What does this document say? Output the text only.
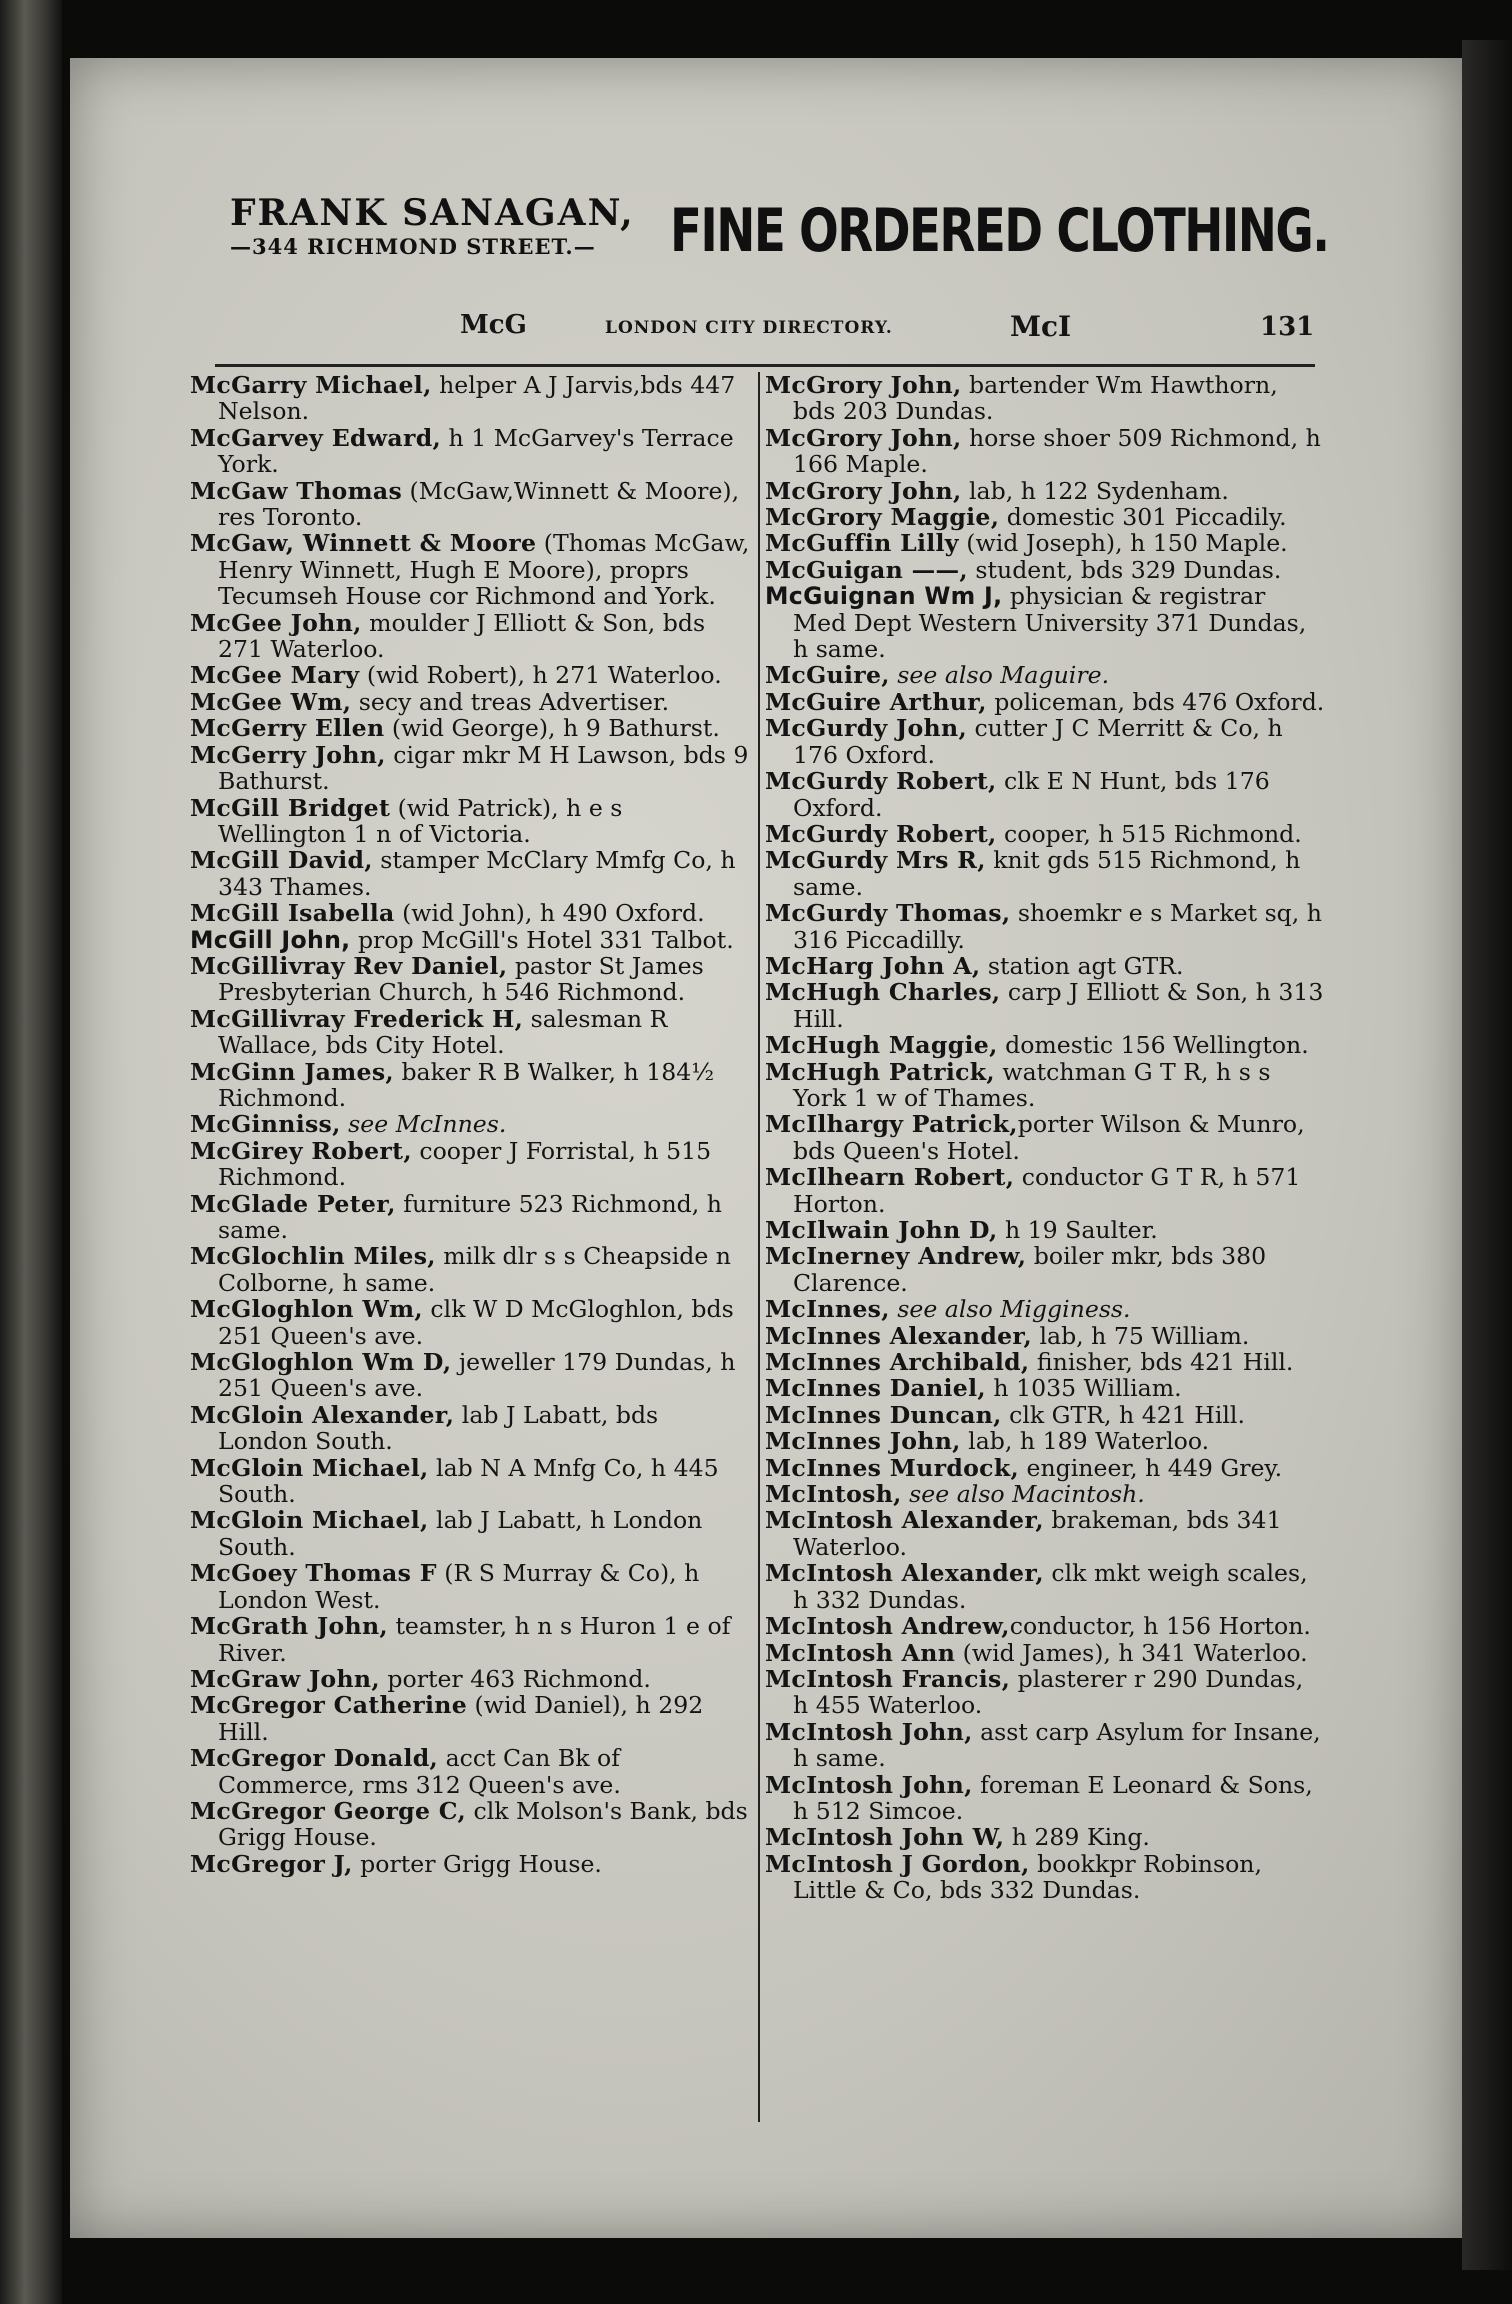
FRANK SANAGAN,
—344 RICHMOND STREET.—	FINE ORDERED CLOTHING.
McG	LONDON CITY DIRECTORY.	McI	131

McGarry Michael, helper A J Jarvis,bds 447 Nelson.

McGarvey Edward, h 1 McGarvey's Terrace York.

McGaw Thomas (McGaw,Winnett & Moore), res Toronto.

McGaw, Winnett & Moore (Thomas McGaw, Henry Winnett, Hugh E Moore), proprs Tecumseh House cor Richmond and York.

McGee John, moulder J Elliott & Son, bds 271 Waterloo.

McGee Mary (wid Robert), h 271 Waterloo.

McGee Wm, secy and treas Advertiser.

McGerry Ellen (wid George), h 9 Bathurst.

McGerry John, cigar mkr M H Lawson, bds 9 Bathurst.

McGill Bridget (wid Patrick), h e s Wellington 1 n of Victoria.

McGill David, stamper McClary Mmfg Co, h 343 Thames.

McGill Isabella (wid John), h 490 Oxford.

McGill John, prop McGill's Hotel 331 Talbot.

McGillivray Rev Daniel, pastor St James Presbyterian Church, h 546 Richmond.

McGillivray Frederick H, salesman R Wallace, bds City Hotel.

McGinn James, baker R B Walker, h 184½ Richmond.

McGinniss, see McInnes.

McGirey Robert, cooper J Forristal, h 515 Richmond.

McGlade Peter, furniture 523 Richmond, h same.

McGlochlin Miles, milk dlr s s Cheapside n Colborne, h same.

McGloghlon Wm, clk W D McGloghlon, bds 251 Queen's ave.

McGloghlon Wm D, jeweller 179 Dundas, h 251 Queen's ave.

McGloin Alexander, lab J Labatt, bds London South.

McGloin Michael, lab N A Mnfg Co, h 445 South.

McGloin Michael, lab J Labatt, h London South.

McGoey Thomas F (R S Murray & Co), h London West.

McGrath John, teamster, h n s Huron 1 e of River.

McGraw John, porter 463 Richmond.

McGregor Catherine (wid Daniel), h 292 Hill.

McGregor Donald, acct Can Bk of Commerce, rms 312 Queen's ave.

McGregor George C, clk Molson's Bank, bds Grigg House.

McGregor J, porter Grigg House.

McGrory John, bartender Wm Hawthorn, bds 203 Dundas.

McGrory John, horse shoer 509 Richmond, h 166 Maple.

McGrory John, lab, h 122 Sydenham.

McGrory Maggie, domestic 301 Piccadily.

McGuffin Lilly (wid Joseph), h 150 Maple.

McGuigan ——, student, bds 329 Dundas.

McGuignan Wm J, physician & registrar Med Dept Western University 371 Dundas, h same.

McGuire, see also Maguire.

McGuire Arthur, policeman, bds 476 Oxford.

McGurdy John, cutter J C Merritt & Co, h 176 Oxford.

McGurdy Robert, clk E N Hunt, bds 176 Oxford.

McGurdy Robert, cooper, h 515 Richmond.

McGurdy Mrs R, knit gds 515 Richmond, h same.

McGurdy Thomas, shoemkr e s Market sq, h 316 Piccadilly.

McHarg John A, station agt GTR.

McHugh Charles, carp J Elliott & Son, h 313 Hill.

McHugh Maggie, domestic 156 Wellington.

McHugh Patrick, watchman G T R, h s s York 1 w of Thames.

McIlhargy Patrick,porter Wilson & Munro, bds Queen's Hotel.

McIlhearn Robert, conductor G T R, h 571 Horton.

McIlwain John D, h 19 Saulter.

McInerney Andrew, boiler mkr, bds 380 Clarence.

McInnes, see also Migginess.

McInnes Alexander, lab, h 75 William.

McInnes Archibald, finisher, bds 421 Hill.

McInnes Daniel, h 1035 William.

McInnes Duncan, clk GTR, h 421 Hill.

McInnes John, lab, h 189 Waterloo.

McInnes Murdock, engineer, h 449 Grey.

McIntosh, see also Macintosh.

McIntosh Alexander, brakeman, bds 341 Waterloo.

McIntosh Alexander, clk mkt weigh scales, h 332 Dundas.

McIntosh Andrew,conductor, h 156 Horton.

McIntosh Ann (wid James), h 341 Waterloo.

McIntosh Francis, plasterer r 290 Dundas, h 455 Waterloo.

McIntosh John, asst carp Asylum for Insane, h same.

McIntosh John, foreman E Leonard & Sons, h 512 Simcoe.

McIntosh John W, h 289 King.

McIntosh J Gordon, bookkpr Robinson, Little & Co, bds 332 Dundas.
